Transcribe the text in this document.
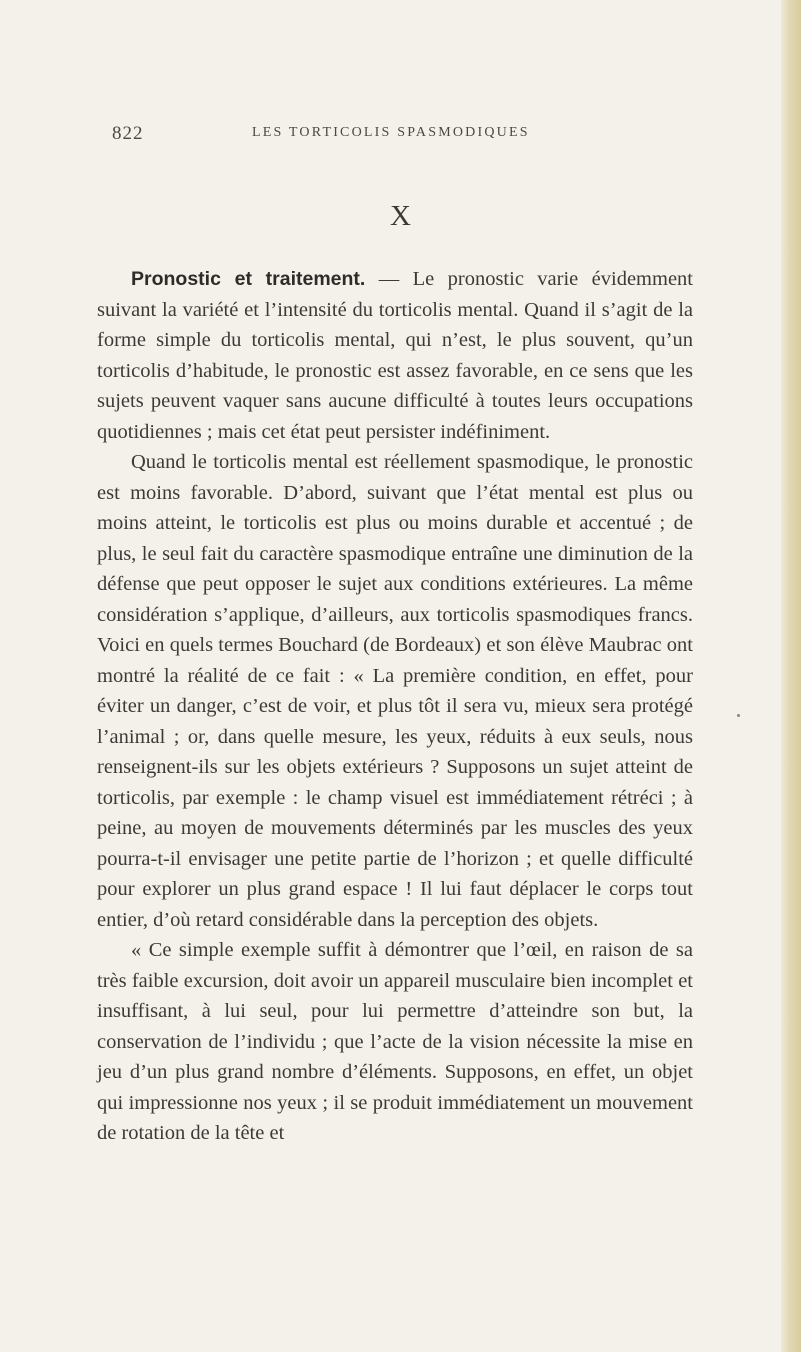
822	LES TORTICOLIS SPASMODIQUES
X

Pronostic et traitement. — Le pronostic varie évidemment suivant la variété et l’intensité du torticolis mental. Quand il s’agit de la forme simple du torticolis mental, qui n’est, le plus souvent, qu’un torticolis d’habitude, le pronostic est assez favorable, en ce sens que les sujets peuvent vaquer sans aucune difficulté à toutes leurs occupations quotidiennes ; mais cet état peut persister indéfiniment.

Quand le torticolis mental est réellement spasmodique, le pronostic est moins favorable. D’abord, suivant que l’état mental est plus ou moins atteint, le torticolis est plus ou moins durable et accentué ; de plus, le seul fait du caractère spasmodique entraîne une diminution de la défense que peut opposer le sujet aux conditions extérieures. La même considération s’applique, d’ailleurs, aux torticolis spasmodiques francs. Voici en quels termes Bouchard (de Bordeaux) et son élève Maubrac ont montré la réalité de ce fait : « La première condition, en effet, pour éviter un danger, c’est de voir, et plus tôt il sera vu, mieux sera protégé l’animal ; or, dans quelle mesure, les yeux, réduits à eux seuls, nous renseignent-ils sur les objets extérieurs ? Supposons un sujet atteint de torticolis, par exemple : le champ visuel est immédiatement rétréci ; à peine, au moyen de mouvements déterminés par les muscles des yeux pourra-t-il envisager une petite partie de l’horizon ; et quelle difficulté pour explorer un plus grand espace ! Il lui faut déplacer le corps tout entier, d’où retard considérable dans la perception des objets.

« Ce simple exemple suffit à démontrer que l’œil, en raison de sa très faible excursion, doit avoir un appareil musculaire bien incomplet et insuffisant, à lui seul, pour lui permettre d’atteindre son but, la conservation de l’individu ; que l’acte de la vision nécessite la mise en jeu d’un plus grand nombre d’éléments. Supposons, en effet, un objet qui impressionne nos yeux ; il se produit immédiatement un mouvement de rotation de la tête et
